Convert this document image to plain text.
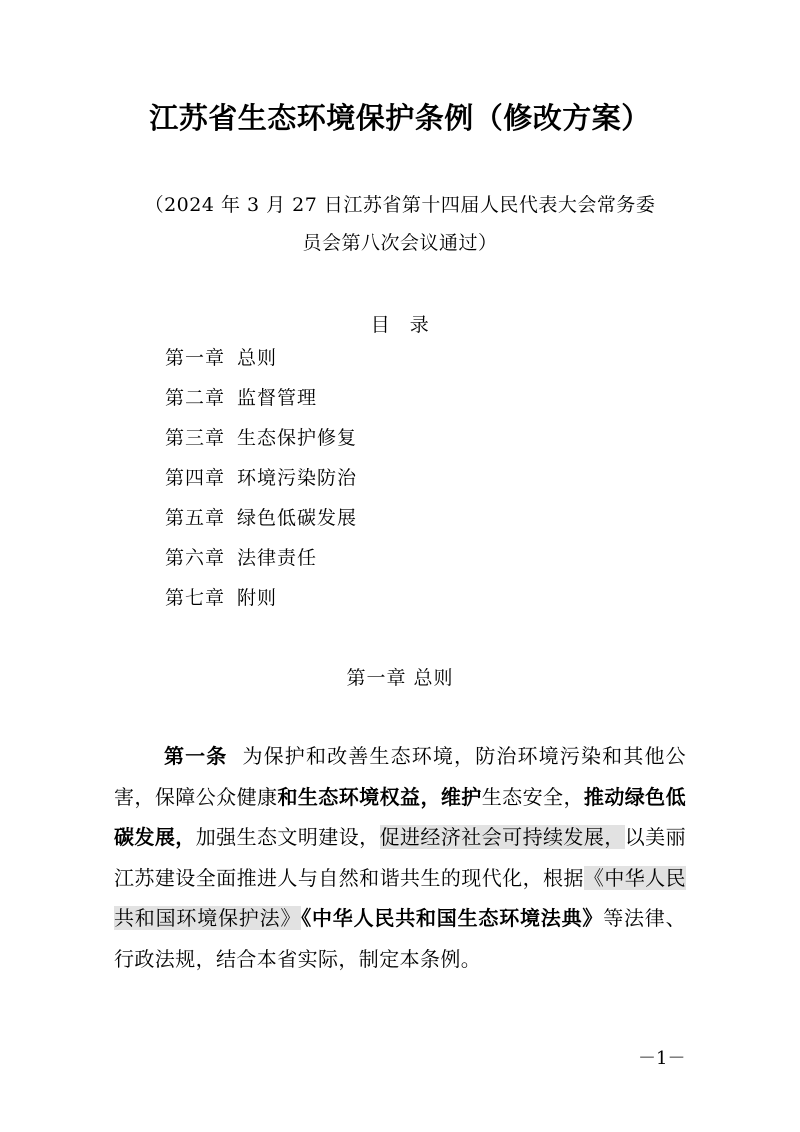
江苏省生态环境保护条例（修改方案）
（2024 年 3 月 27 日江苏省第十四届人民代表大会常务委
员会第八次会议通过）
目　录
第一章 总则
第二章 监督管理
第三章 生态保护修复
第四章 环境污染防治
第五章 绿色低碳发展
第六章 法律责任
第七章 附则
第一章 总则

第一条 为保护和改善生态环境，防治环境污染和其他公害，保障公众健康和生态环境权益，维护生态安全，推动绿色低碳发展，加强生态文明建设，促进经济社会可持续发展，以美丽江苏建设全面推进人与自然和谐共生的现代化，根据《中华人民共和国环境保护法》《中华人民共和国生态环境法典》等法律、行政法规，结合本省实际，制定本条例。

－1－
